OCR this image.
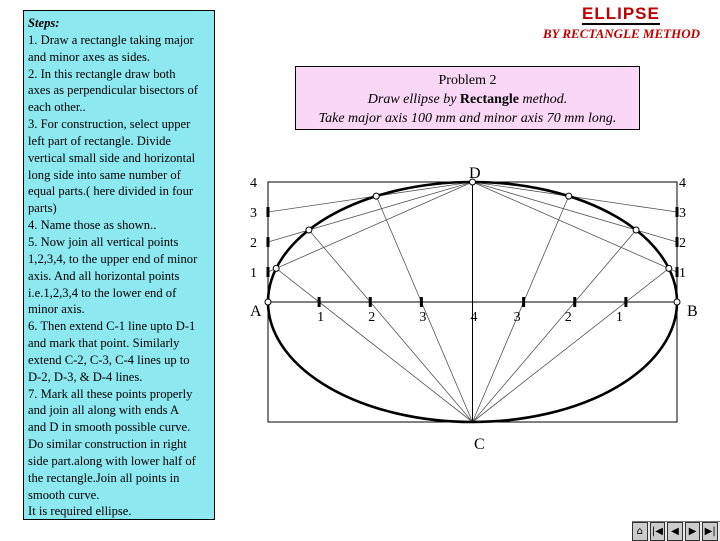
Steps:
1. Draw a rectangle taking major
and minor axes as sides.
2. In this rectangle draw both
axes as perpendicular bisectors of
each other..
3. For construction, select upper
left part of rectangle. Divide
vertical small side and horizontal
long side into same number of
equal parts.( here divided in four
parts)
4. Name those as shown..
5. Now join all vertical points
1,2,3,4, to the upper end of minor
axis. And all horizontal points
i.e.1,2,3,4 to the lower end of
minor axis.
6. Then extend C-1 line upto D-1
and mark that point. Similarly
extend C-2, C-3, C-4 lines up to
D-2, D-3, & D-4 lines.
7. Mark all these points properly
and join all along with ends A
and D in smooth possible curve.
Do similar construction in right
side part.along with lower half of
the rectangle.Join all points in
smooth curve.
It is required ellipse.
ELLIPSE
BY RECTANGLE METHOD
Problem 2
Draw ellipse by Rectangle method.
Take major axis 100 mm and minor axis 70 mm long.
A	B
C
D
1	1
1
2	2
2
3	3
3
4	4
4	3	2	1
⌂ |◀ ◀ ▶ ▶|
